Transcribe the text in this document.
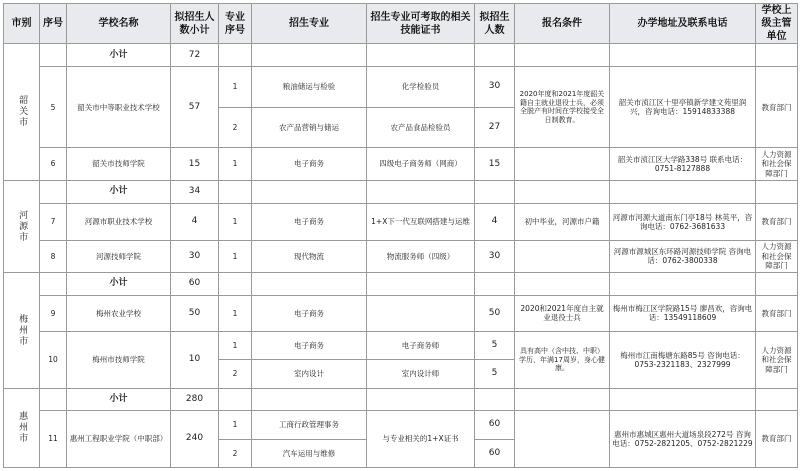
市别	序号	学校名称	拟招生人数小计	专业序号	招生专业	招生专业可考取的相关技能证书	拟招生人数	报名条件	办学地址及联系电话	学校上级主管单位
韶关市		小计	72							
	5	韶关市中等职业技术学校	57	1	粮油储运与检验	化学检验员	30	2020年度和2021年度韶关籍自主就业退役士兵，必须全脱产有时间在学校接受全日制教育。	韶关市浈江区十里亭镇新学建文苑里润兴，咨询电话：15914833388	教育部门
				2	农产品营销与储运	农产品食品检验员	27			
	6	韶关市技师学院	15	1	电子商务	四级电子商务师（网商）	15		韶关市浈江区大学路338号 联系电话：0751-8127888	人力资源和社会保障部门
河源市		小计	34							
	7	河源市职业技术学校	4	1	电子商务	1+X下一代互联网搭建与运维	4	初中毕业，河源市户籍	河源市河源大道南东门亭18号 林英平，咨询电话：0762-3681633	教育部门
	8	河源技师学院	30	1	现代物流	物流服务师（四级）	30		河源市源城区东环路河源技师学院 咨询电话：0762-3800338	人力资源和社会保障部门
梅州市		小计	60							
	9	梅州农业学校	50	1	电子商务		50	2020和2021年度自主就业退役士兵	梅州市梅江区学院路15号 廖昌欢，咨询电话：13549118609	教育部门
	10	梅州市技师学院	10	1	电子商务	电子商务师	5	具有高中（含中技、中职）学历，年满17周岁，身心健康。	梅州市江南梅塘东路85号 咨询电话：0753-2321183、2327999	人力资源和社会保障部门
				2	室内设计	室内设计师	5			
惠州市		小计	280							
	11	惠州工程职业学院（中职部）	240	1	工商行政管理事务	与专业相关的1+X证书	60		惠州市惠城区惠州大道场泉段272号 咨询电话：0752-2821205、0752-2821229	教育部门
				2	汽车运用与维修		60			
